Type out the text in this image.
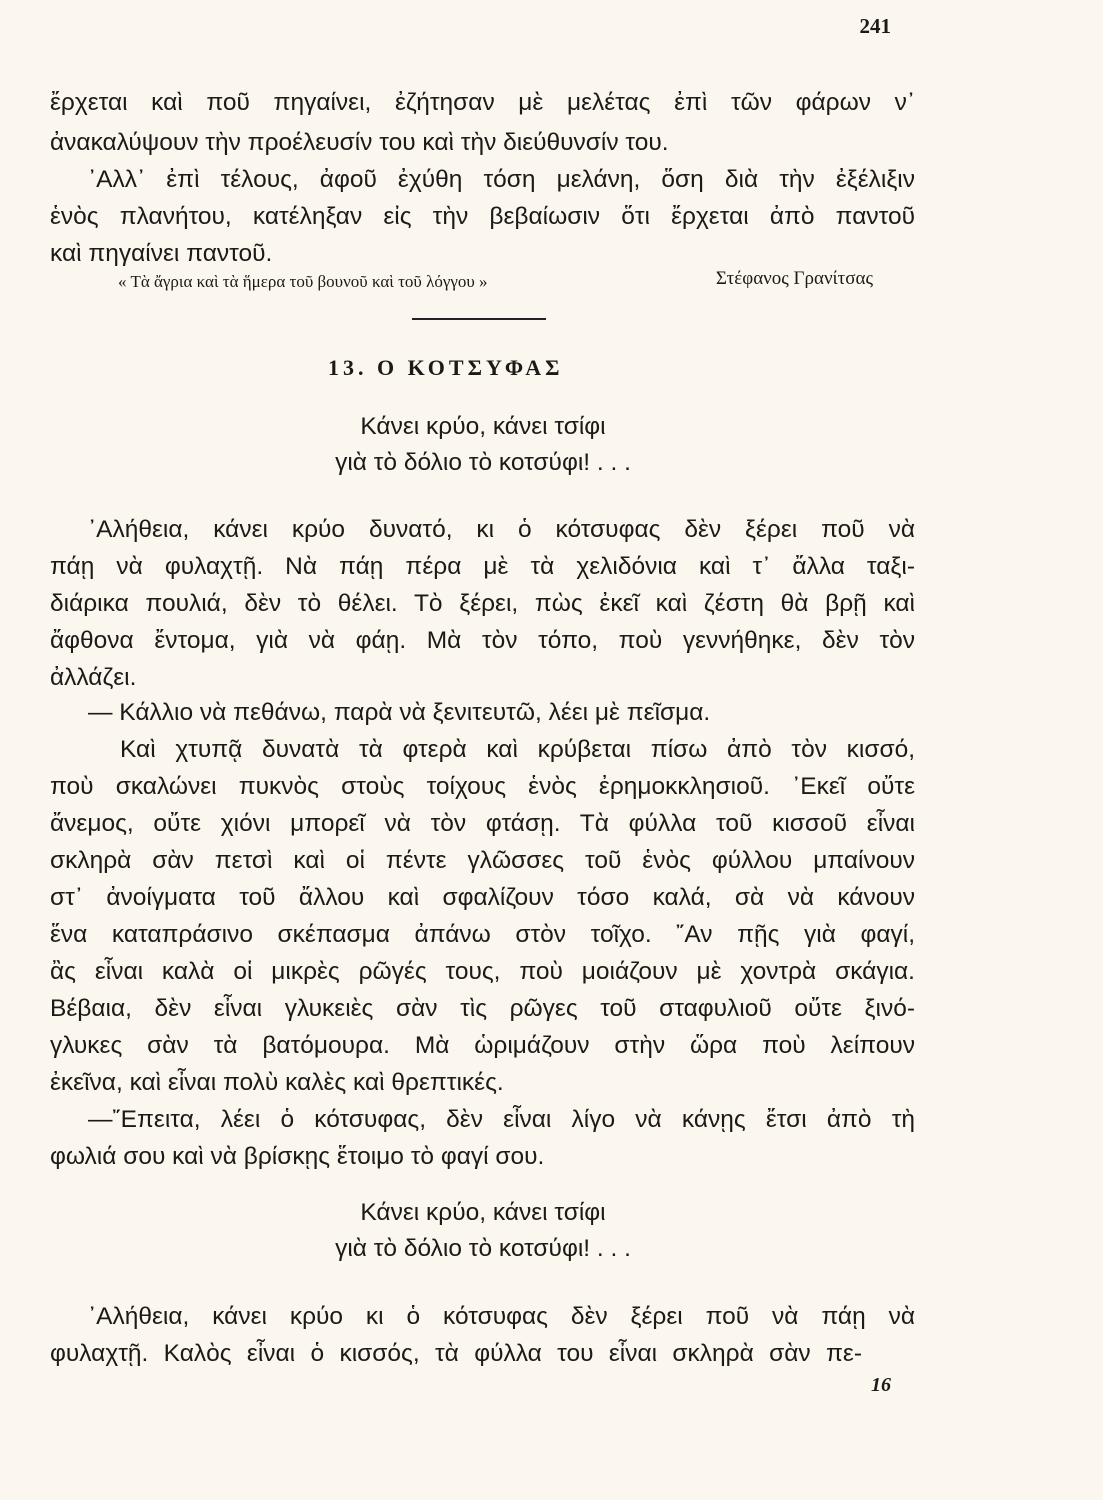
241
ἔρχεται καὶ ποῦ πηγαίνει, ἐζήτησαν μὲ μελέτας ἐπὶ τῶν φάρων ν᾽
ἀνακαλύψουν τὴν προέλευσίν του καὶ τὴν διεύθυνσίν του.
᾽Αλλ᾽ ἐπὶ τέλους, ἀφοῦ ἐχύθη τόση μελάνη, ὅση διὰ τὴν ἐξέλιξιν
ἑνὸς πλανήτου, κατέληξαν εἰς τὴν βεβαίωσιν ὅτι ἔρχεται ἀπὸ παντοῦ
καὶ πηγαίνει παντοῦ.
« Τὰ ἄγρια καὶ τὰ ἥμερα τοῦ βουνοῦ καὶ τοῦ λόγγου »	Στέφανος Γρανίτσας
13. Ο ΚΟΤΣΥΦΑΣ
Κάνει κρύο, κάνει τσίφι
γιὰ τὸ δόλιο τὸ κοτσύφι! . . .
᾽Αλήθεια, κάνει κρύο δυνατό, κι ὁ κότσυφας δὲν ξέρει ποῦ νὰ
πάῃ νὰ φυλαχτῇ. Νὰ πάῃ πέρα μὲ τὰ χελιδόνια καὶ τ᾽ ἄλλα ταξι-
διάρικα πουλιά, δὲν τὸ θέλει. Τὸ ξέρει, πὼς ἐκεῖ καὶ ζέστη θὰ βρῇ καὶ
ἄφθονα ἔντομα, γιὰ νὰ φάῃ. Μὰ τὸν τόπο, ποὺ γεννήθηκε, δὲν τὸν
ἀλλάζει.
— Κάλλιο νὰ πεθάνω, παρὰ νὰ ξενιτευτῶ, λέει μὲ πεῖσμα.
Καὶ χτυπᾷ δυνατὰ τὰ φτερὰ καὶ κρύβεται πίσω ἀπὸ τὸν κισσό,
ποὺ σκαλώνει πυκνὸς στοὺς τοίχους ἑνὸς ἐρημοκκλησιοῦ. ᾽Εκεῖ οὔτε
ἄνεμος, οὔτε χιόνι μπορεῖ νὰ τὸν φτάσῃ. Τὰ φύλλα τοῦ κισσοῦ εἶναι
σκληρὰ σὰν πετσὶ καὶ οἱ πέντε γλῶσσες τοῦ ἑνὸς φύλλου μπαίνουν
στ᾽ ἀνοίγματα τοῦ ἄλλου καὶ σφαλίζουν τόσο καλά, σὰ νὰ κάνουν
ἕνα καταπράσινο σκέπασμα ἀπάνω στὸν τοῖχο. ῎Αν πῇς γιὰ φαγί,
ἂς εἶναι καλὰ οἱ μικρὲς ρῶγές τους, ποὺ μοιάζουν μὲ χοντρὰ σκάγια.
Βέβαια, δὲν εἶναι γλυκειὲς σὰν τὶς ρῶγες τοῦ σταφυλιοῦ οὔτε ξινό-
γλυκες σὰν τὰ βατόμουρα. Μὰ ὡριμάζουν στὴν ὥρα ποὺ λείπουν
ἐκεῖνα, καὶ εἶναι πολὺ καλὲς καὶ θρεπτικές.
—῎Επειτα, λέει ὁ κότσυφας, δὲν εἶναι λίγο νὰ κάνῃς ἔτσι ἀπὸ τὴ
φωλιά σου καὶ νὰ βρίσκῃς ἕτοιμο τὸ φαγί σου.
Κάνει κρύο, κάνει τσίφι
γιὰ τὸ δόλιο τὸ κοτσύφι! . . .
᾽Αλήθεια, κάνει κρύο κι ὁ κότσυφας δὲν ξέρει ποῦ νὰ πάῃ νὰ
φυλαχτῇ. Καλὸς εἶναι ὁ κισσός, τὰ φύλλα του εἶναι σκληρὰ σὰν πε-
16
